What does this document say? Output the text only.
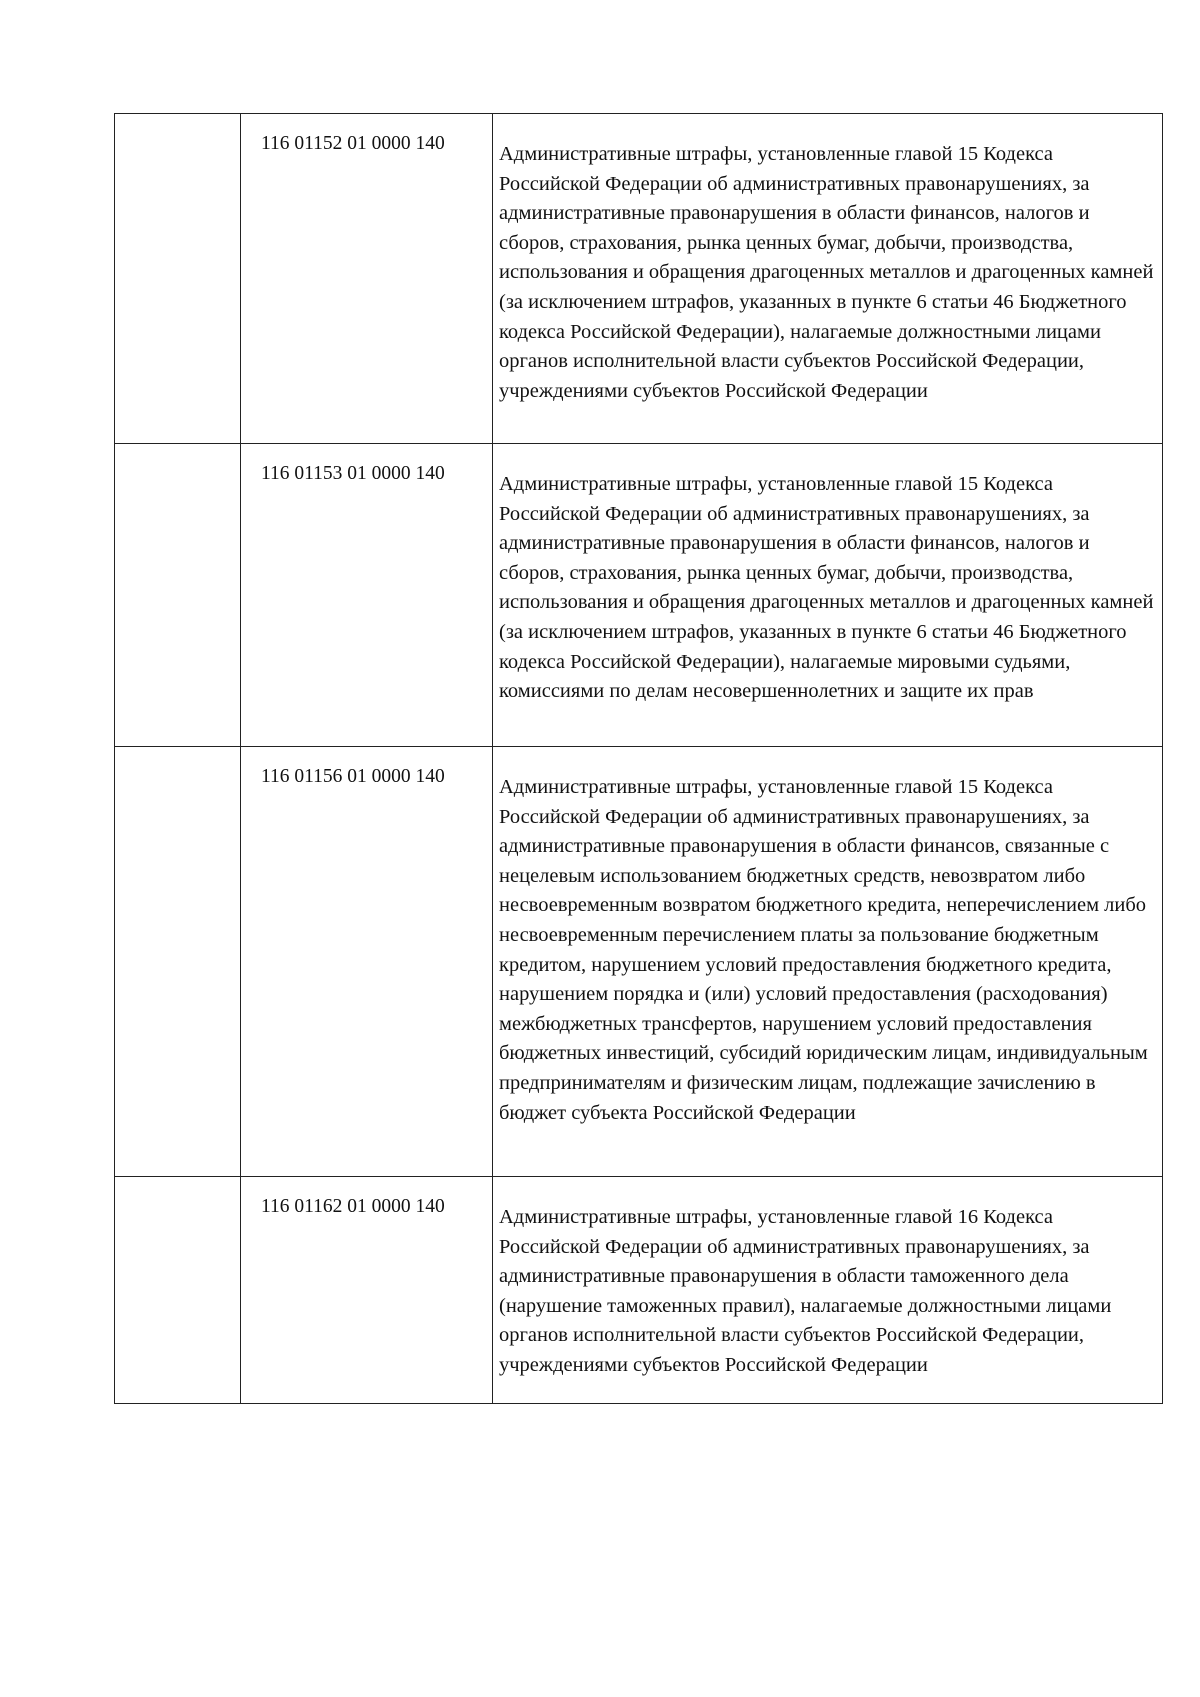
	116 01152 01 0000 140	Административные штрафы, установленные главой 15 Кодекса Российской Федерации об административных правонарушениях, за административные правонарушения в области финансов, налогов и сборов, страхования, рынка ценных бумаг, добычи, производства, использования и обращения драгоценных металлов и драгоценных камней (за исключением штрафов, указанных в пункте 6 статьи 46 Бюджетного кодекса Российской Федерации), налагаемые должностными лицами органов исполнительной власти субъектов Российской Федерации, учреждениями субъектов Российской Федерации

	116 01153 01 0000 140	Административные штрафы, установленные главой 15 Кодекса Российской Федерации об административных правонарушениях, за административные правонарушения в области финансов, налогов и сборов, страхования, рынка ценных бумаг, добычи, производства, использования и обращения драгоценных металлов и драгоценных камней (за исключением штрафов, указанных в пункте 6 статьи 46 Бюджетного кодекса Российской Федерации), налагаемые мировыми судьями, комиссиями по делам несовершеннолетних и защите их прав

	116 01156 01 0000 140	Административные штрафы, установленные главой 15 Кодекса Российской Федерации об административных правонарушениях, за административные правонарушения в области финансов, связанные с нецелевым использованием бюджетных средств, невозвратом либо несвоевременным возвратом бюджетного кредита, неперечислением либо несвоевременным перечислением платы за пользование бюджетным кредитом, нарушением условий предоставления бюджетного кредита, нарушением порядка и (или) условий предоставления (расходования) межбюджетных трансфертов, нарушением условий предоставления бюджетных инвестиций, субсидий юридическим лицам, индивидуальным предпринимателям и физическим лицам, подлежащие зачислению в бюджет субъекта Российской Федерации

	116 01162 01 0000 140	Административные штрафы, установленные главой 16 Кодекса Российской Федерации об административных правонарушениях, за административные правонарушения в области таможенного дела (нарушение таможенных правил), налагаемые должностными лицами органов исполнительной власти субъектов Российской Федерации, учреждениями субъектов Российской Федерации
